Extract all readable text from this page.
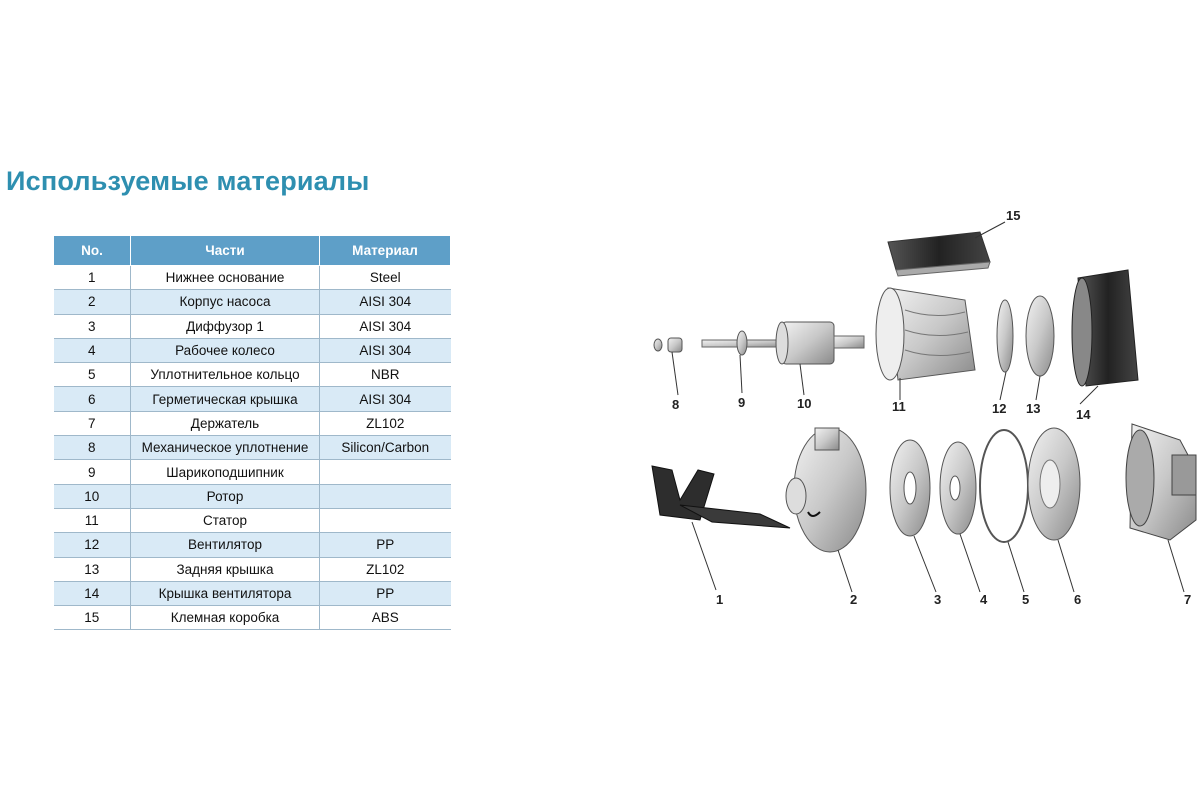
Используемые материалы
No.	Части	Материал
1	Нижнее основание	Steel
2	Корпус насоса	AISI 304
3	Диффузор 1	AISI 304
4	Рабочее колесо	AISI 304
5	Уплотнительное кольцо	NBR
6	Герметическая крышка	AISI 304
7	Держатель	ZL102
8	Механическое уплотнение	Silicon/Carbon
9	Шарикоподшипник	
10	Ротор	
11	Статор	
12	Вентилятор	PP
13	Задняя крышка	ZL102
14	Крышка вентилятора	PP
15	Клемная коробка	ABS
15
8	9	10	11	12 13	14
1	2	3	4	5	6	7
